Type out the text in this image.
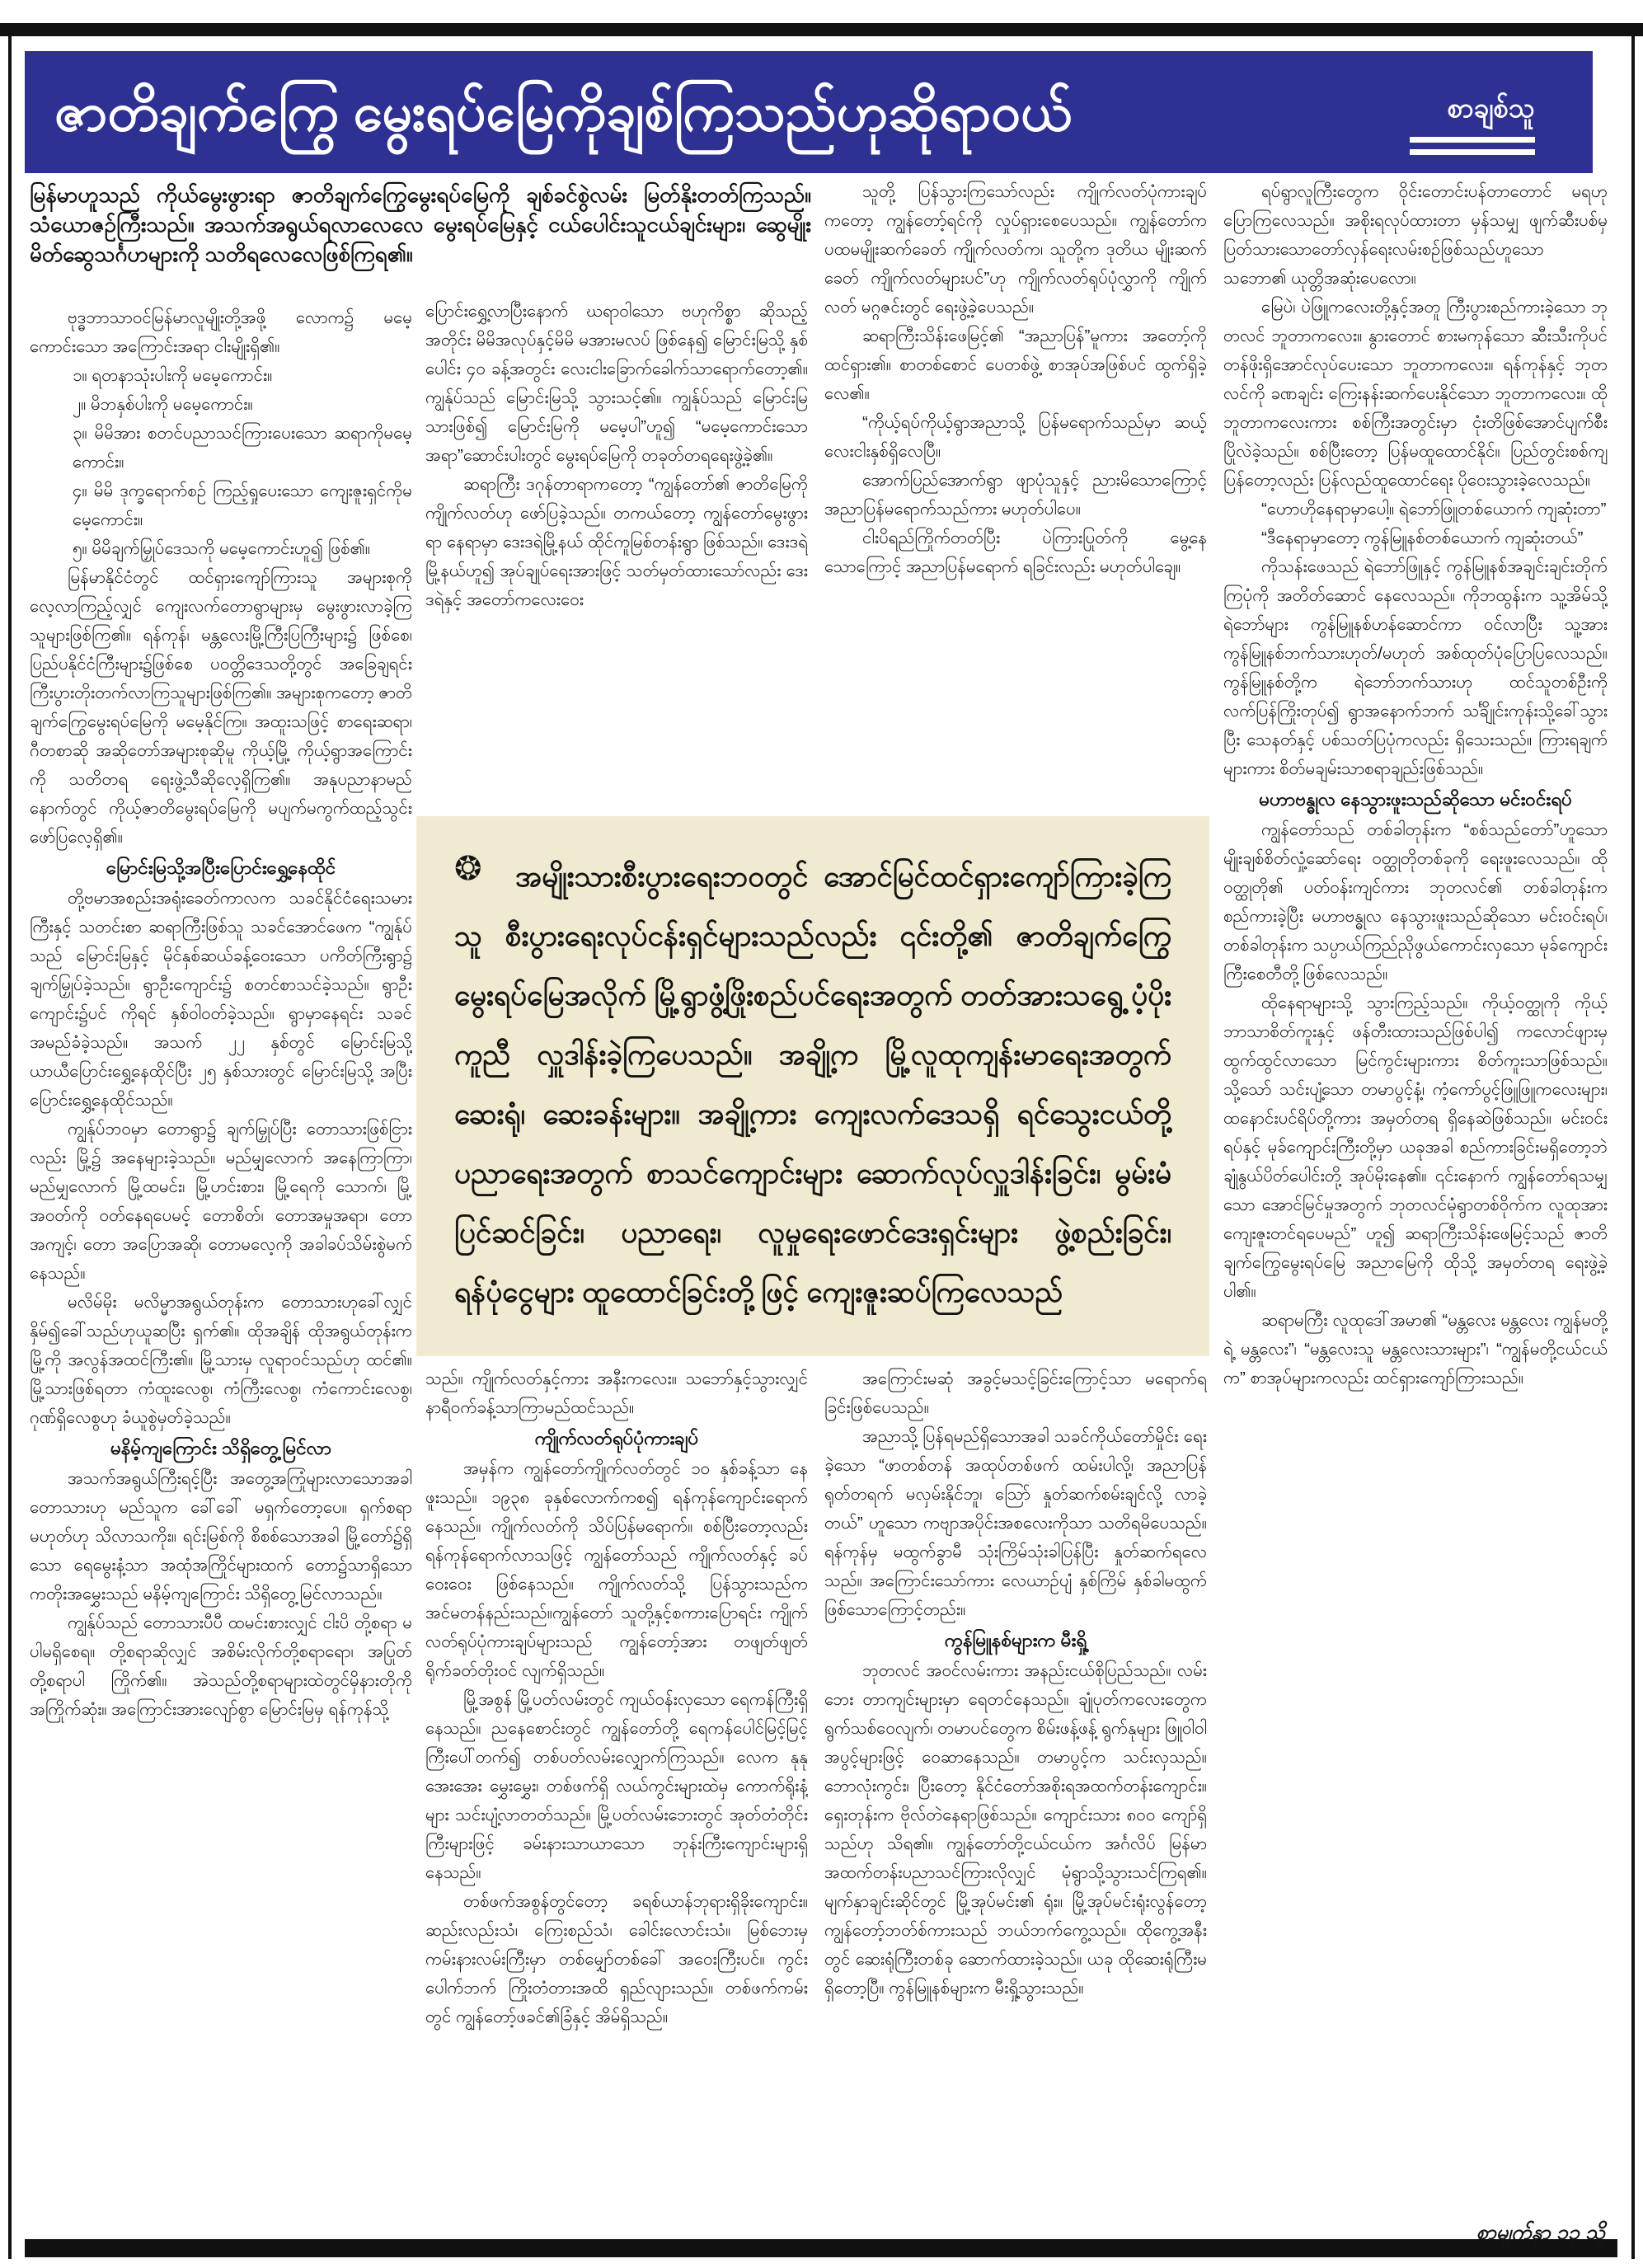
ဇာတိချက်ကြွေ မွေးရပ်မြေကိုချစ်ကြသည်ဟုဆိုရာဝယ်	စာချစ်သူ
မြန်မာဟူသည် ကိုယ်မွေးဖွားရာ ဇာတိချက်ကြွေမွေးရပ်မြေကို ချစ်ခင်စွဲလမ်း မြတ်နိုးတတ်ကြသည်။ သံယောဇဉ်ကြီးသည်။ အသက်အရွယ်ရလာလေလေ မွေးရပ်မြေနှင့် ငယ်ပေါင်းသူငယ်ချင်းများ၊ ဆွေမျိုး မိတ်ဆွေသင်္ဂဟများကို သတိရလေလေဖြစ်ကြရ၏။
ဗုဒ္ဓဘာသာဝင်မြန်မာလူမျိုးတို့အဖို့ လောက၌ မမေ့ကောင်းသော အကြောင်းအရာ ငါးမျိုးရှိ၏။
၁။ ရတနာသုံးပါးကို မမေ့ကောင်း။
၂။ မိဘနှစ်ပါးကို မမေ့ကောင်း။
၃။ မိမိအား စတင်ပညာသင်ကြားပေးသော ဆရာကိုမမေ့ကောင်း။
၄။ မိမိ ဒုက္ခရောက်စဉ် ကြည့်ရှုပေးသော ကျေးဇူးရှင်ကိုမမေ့ကောင်း။
၅။ မိမိချက်မြှုပ်ဒေသကို မမေ့ကောင်းဟူ၍ ဖြစ်၏။
မြန်မာနိုင်ငံတွင် ထင်ရှားကျော်ကြားသူ အများစုကို လေ့လာကြည့်လျှင် ကျေးလက်တောရွာများမှ မွေးဖွားလာခဲ့ကြသူများဖြစ်ကြ၏။ ရန်ကုန်၊ မန္တလေးမြို့ကြီးပြကြီးများ၌ ဖြစ်စေ၊ ပြည်ပနိုင်ငံကြီးများ၌ဖြစ်စေ ပဝတ္တိဒေသတို့တွင် အခြေချရင်း ကြီးပွားတိုးတက်လာကြသူများဖြစ်ကြ၏။ အများစုကတော့ ဇာတိချက်ကြွေမွေးရပ်မြေကို မမေ့နိုင်ကြ။ အထူးသဖြင့် စာရေးဆရာ၊ ဂီတစာဆို အဆိုတော်အများစုဆိုမူ ကိုယ့်မြို့ ကိုယ့်ရွာအကြောင်းကို သတိတရ ရေးဖွဲ့သီဆိုလေ့ရှိကြ၏။ အနုပညာနာမည်နောက်တွင် ကိုယ့်ဇာတိမွေးရပ်မြေကို မပျက်မကွက်ထည့်သွင်းဖော်ပြလေ့ရှိ၏။
မြောင်းမြသို့အပြီးပြောင်းရွှေ့နေထိုင်
တို့ဗမာအစည်းအရုံးခေတ်ကာလက သခင်နိုင်ငံရေးသမားကြီးနှင့် သတင်းစာ ဆရာကြီးဖြစ်သူ သခင်အောင်ဖေက “ကျွန်ုပ်သည် မြောင်းမြနှင့် မိုင်နှစ်ဆယ်ခန့်ဝေးသော ပကိတ်ကြီးရွာ၌ ချက်မြှုပ်ခဲ့သည်။ ရွာဦးကျောင်း၌ စတင်စာသင်ခဲ့သည်။ ရွာဦးကျောင်း၌ပင် ကိုရင် နှစ်ဝါဝတ်ခဲ့သည်။ ရွာမှာနေရင်း သခင်အမည်ခံခဲ့သည်။ အသက် ၂၂ နှစ်တွင် မြောင်းမြသို့ ယာယီပြောင်းရွှေ့နေထိုင်ပြီး ၂၅ နှစ်သားတွင် မြောင်းမြသို့ အပြီးပြောင်းရွှေ့နေထိုင်သည်။
ကျွန်ုပ်ဘဝမှာ တောရွာ၌ ချက်မြှုပ်ပြီး တောသားဖြစ်ငြားလည်း မြို့၌ အနေများခဲ့သည်။ မည်မျှလောက် အနေကြာကြာ၊ မည်မျှလောက် မြို့ထမင်း၊ မြို့ဟင်းစား၊ မြို့ရေကို သောက်၊ မြို့အဝတ်ကို ဝတ်နေရပေမင့် တောစိတ်၊ တောအမှုအရာ၊ တောအကျင့်၊ တော အပြောအဆို၊ တောမလေ့ကို အခါခပ်သိမ်းစွဲမက်နေသည်။
မလိမ်မိုး မလိမ္မာအရွယ်တုန်းက တောသားဟုခေါ်လျှင် နှိမ်၍ခေါ်သည်ဟုယူဆပြီး ရှက်၏။ ထိုအချိန် ထိုအရွယ်တုန်းက မြို့ကို အလွန်အထင်ကြီး၏။ မြို့သားမှ လူရာဝင်သည်ဟု ထင်၏။ မြို့သားဖြစ်ရတာ ကံထူးလေစွ၊ ကံကြီးလေစွ၊ ကံကောင်းလေစွ၊ ဂုဏ်ရှိလေစွဟု ခံယူစွဲမှတ်ခဲ့သည်။
မနိမ့်ကျကြောင်း သိရှိတွေ့မြင်လာ
အသက်အရွယ်ကြီးရင့်ပြီး အတွေ့အကြုံများလာသောအခါ တောသားဟု မည်သူက ခေါ်ခေါ် မရှက်တော့ပေ။ ရှက်စရာမဟုတ်ဟု သိလာသကိုး။ ရင်းမြစ်ကို စိစစ်သောအခါ မြို့တော်၌ရှိသော ရေမွေးနံ့သာ အထုံအကြိုင်များထက် တော၌သာရှိသော ကတိုးအမွှေးသည် မနိမ့်ကျကြောင်း သိရှိတွေ့မြင်လာသည်။
ကျွန်ုပ်သည် တောသားပီပီ ထမင်းစားလျှင် ငါးပိ တို့စရာ မပါမရှိစေရ။ တို့စရာဆိုလျှင် အစိမ်းလိုက်တို့စရာရော၊ အပြုတ်တို့စရာပါ ကြိုက်၏။ အဲသည်တို့စရာများထဲတွင်မှိနားတိုကို အကြိုက်ဆုံး။ အကြောင်းအားလျော်စွာ မြောင်းမြမှ ရန်ကုန်သို့
ပြောင်းရွှေ့လာပြီးနောက် ဃရာဝါသော ဗဟုကိစ္စာ ဆိုသည့်အတိုင်း မိမိအလုပ်နှင့်မိမိ မအားမလပ် ဖြစ်နေ၍ မြောင်းမြသို့ နှစ်ပေါင်း ၄၀ ခန့်အတွင်း လေးငါးခြောက်ခေါက်သာရောက်တော့၏။ ကျွန်ုပ်သည် မြောင်းမြသို့ သွားသင့်၏။ ကျွန်ုပ်သည် မြောင်းမြသားဖြစ်၍ မြောင်းမြကို မမေ့ပါ”ဟူ၍ “မမေ့ကောင်းသောအရာ”ဆောင်းပါးတွင် မွေးရပ်မြေကို တခုတ်တရရေးဖွဲ့ခဲ့၏။
ဆရာကြီး ဒဂုန်တာရာကတော့ “ကျွန်တော်၏ ဇာတိမြေကို ကျိုက်လတ်ဟု ဖော်ပြခဲ့သည်။ တကယ်တော့ ကျွန်တော်မွေးဖွားရာ နေရာမှာ ဒေးဒရဲမြို့နယ် ထိုင်ကူမြစ်တန်းရွာ ဖြစ်သည်။ ဒေးဒရဲမြို့နယ်ဟူ၍ အုပ်ချုပ်ရေးအားဖြင့် သတ်မှတ်ထားသော်လည်း ဒေးဒရဲနှင့် အတော်ကလေးဝေး
❂ အမျိုးသားစီးပွားရေးဘဝတွင် အောင်မြင်ထင်ရှားကျော်ကြားခဲ့ကြသူ စီးပွားရေးလုပ်ငန်းရှင်များသည်လည်း ၎င်းတို့၏ ဇာတိချက်ကြွေမွေးရပ်မြေအလိုက် မြို့ရွာဖွံ့ဖြိုးစည်ပင်ရေးအတွက် တတ်အားသရွေ့ ပံ့ပိုးကူညီ လှူဒါန်းခဲ့ကြပေသည်။ အချို့က မြို့လူထုကျန်းမာရေးအတွက် ဆေးရုံ၊ ဆေးခန်းများ။ အချို့ကား ကျေးလက်ဒေသရှိ ရင်သွေးငယ်တို့ ပညာရေးအတွက် စာသင်ကျောင်းများ ဆောက်လုပ်လှူဒါန်းခြင်း၊ မွမ်းမံပြင်ဆင်ခြင်း၊ ပညာရေး၊ လူမှုရေးဖောင်ဒေးရှင်းများ ဖွဲ့စည်းခြင်း၊ ရန်ပုံငွေများ ထူထောင်ခြင်းတို့ဖြင့် ကျေးဇူးဆပ်ကြလေသည်
သည်။ ကျိုက်လတ်နှင့်ကား အနီးကလေး။ သဘော်နှင့်သွားလျှင် နာရီဝက်ခန့်သာကြာမည်ထင်သည်။
ကျိုက်လတ်ရုပ်ပုံကားချပ်
အမှန်က ကျွန်တော်ကျိုက်လတ်တွင် ၁၀ နှစ်ခန့်သာ နေဖူးသည်။ ၁၉၃၈ ခုနှစ်လောက်ကစ၍ ရန်ကုန်ကျောင်းရောက်နေသည်။ ကျိုက်လတ်ကို သိပ်ပြန်မရောက်။ စစ်ပြီးတော့လည်း ရန်ကုန်ရောက်လာသဖြင့် ကျွန်တော်သည် ကျိုက်လတ်နှင့် ခပ်ဝေးဝေး ဖြစ်နေသည်။ ကျိုက်လတ်သို့ ပြန်သွားသည်က အင်မတန်နည်းသည်။ကျွန်တော် သူတို့နှင့်စကားပြောရင်း ကျိုက်လတ်ရုပ်ပုံကားချပ်များသည် ကျွန်တော့်အား တဖျတ်ဖျတ်ရိုက်ခတ်တိုးဝင် လျက်ရှိသည်။
မြို့အစွန် မြို့ပတ်လမ်းတွင် ကျယ်ဝန်းလှသော ရေကန်ကြီးရှိနေသည်။ ညနေစောင်းတွင် ကျွန်တော်တို့ ရေကန်ပေါင်မြင့်မြင့်ကြီးပေါ်တက်၍ တစ်ပတ်လမ်းလျှောက်ကြသည်။ လေက နုနုအေးအေး မွှေးမွှေး၊ တစ်ဖက်ရှိ လယ်ကွင်းများထဲမှ ကောက်ရိုးနံ့များ သင်းပျံ့လာတတ်သည်။ မြို့ပတ်လမ်းဘေးတွင် အုတ်တံတိုင်းကြီးများဖြင့် ခမ်းနားသာယာသော ဘုန်းကြီးကျောင်းများရှိနေသည်။
တစ်ဖက်အစွန်တွင်တော့ ခရစ်ယာန်ဘုရားရှိခိုးကျောင်း။ ဆည်းလည်းသံ၊ ကြေးစည်သံ၊ ခေါင်းလောင်းသံ။ မြစ်ဘေးမှ ကမ်းနားလမ်းကြီးမှာ တစ်မျှော်တစ်ခေါ် အဝေးကြီးပင်။ ကွင်းပေါက်ဘက် ကြိုးတံတားအထိ ရှည်လျားသည်။ တစ်ဖက်ကမ်းတွင် ကျွန်တော့်ဖခင်၏ခြံနှင့် အိမ်ရှိသည်။
သူတို့ ပြန်သွားကြသော်လည်း ကျိုက်လတ်ပုံကားချပ်ကတော့ ကျွန်တော့်ရင်ကို လှုပ်ရှားစေပေသည်။ ကျွန်တော်က ပထမမျိုးဆက်ခေတ် ကျိုက်လတ်က၊ သူတို့က ဒုတိယ မျိုးဆက်ခေတ် ကျိုက်လတ်များပင်”ဟု ကျိုက်လတ်ရုပ်ပုံလွှာကို ကျိုက်လတ် မဂ္ဂဇင်းတွင် ရေးဖွဲ့ခဲ့ပေသည်။
ဆရာကြီးသိန်းဖေမြင့်၏ “အညာပြန်”မူကား အတော့်ကို ထင်ရှား၏။ စာတစ်စောင် ပေတစ်ဖွဲ့ စာအုပ်အဖြစ်ပင် ထွက်ရှိခဲ့လေ၏။
“ကိုယ့်ရပ်ကိုယ့်ရွာအညာသို့ ပြန်မရောက်သည်မှာ ဆယ့်လေးငါးနှစ်ရှိလေပြီ။
အောက်ပြည်အောက်ရွာ ဖျာပုံသူနှင့် ညားမိသောကြောင့် အညာပြန်မရောက်သည်ကား မဟုတ်ပါပေ။
ငါးပိရည်ကြိုက်တတ်ပြီး ပဲကြားပြုတ်ကို မွေ့နေသောကြောင့် အညာပြန်မရောက် ရခြင်းလည်း မဟုတ်ပါချေ။
အကြောင်းမဆုံ အခွင့်မသင့်ခြင်းကြောင့်သာ မရောက်ရခြင်းဖြစ်ပေသည်။
အညာသို့ ပြန်ရမည်ရှိသောအခါ သခင်ကိုယ်တော်မှိုင်း ရေးခဲ့သော “ဖာတစ်တန် အထုပ်တစ်ဖက် ထမ်းပါလို့၊ အညာပြန် ရုတ်တရက် မလှမ်းနိုင်ဘူ၊ သြော် နှုတ်ဆက်စမ်းချင်လို့ လာခဲ့တယ်” ဟူသော ကဗျာအပိုင်းအစလေးကိုသာ သတိရမိပေသည်။ ရန်ကုန်မှ မထွက်ခွာမီ သုံးကြိမ်သုံးခါပြန်ပြီး နှုတ်ဆက်ရလေသည်။ အကြောင်းသော်ကား လေယာဉ်ပျံ နှစ်ကြိမ် နှစ်ခါမထွက်ဖြစ်သောကြောင့်တည်း။
ကွန်မြူနစ်များက မီးရှို့
ဘုတလင် အဝင်လမ်းကား အနည်းငယ်စိုပြည်သည်။ လမ်းဘေး တာကျင်းများမှာ ရေတင်နေသည်။ ချုံပုတ်ကလေးတွေက ရွက်သစ်ဝေလျက်၊ တမာပင်တွေက စိမ်းဖန့်ဖန့် ရွက်နုများ ဖြူဝါဝါအပွင့်များဖြင့် ဝေဆာနေသည်။ တမာပွင့်က သင်းလှသည်။ ဘောလုံးကွင်း၊ ပြီးတော့ နိုင်ငံတော်အစိုးရအထက်တန်းကျောင်း။ ရှေးတုန်းက ဗိုလ်တဲနေရာဖြစ်သည်။ ကျောင်းသား ၈၀၀ ကျော်ရှိသည်ဟု သိရ၏။ ကျွန်တော်တို့ငယ်ငယ်က အင်္ဂလိပ် မြန်မာအထက်တန်းပညာသင်ကြားလိုလျှင် မုံရွာသို့သွားသင်ကြရ၏။ မျက်နှာချင်းဆိုင်တွင် မြို့အုပ်မင်း၏ ရုံး။ မြို့အုပ်မင်းရုံးလွန်တော့ ကျွန်တော့်ဘတ်စ်ကားသည် ဘယ်ဘက်ကွေ့သည်။ ထိုကွေ့အနီးတွင် ဆေးရုံကြီးတစ်ခု ဆောက်ထားခဲ့သည်။ ယခု ထိုဆေးရုံကြီးမရှိတော့ပြီ။ ကွန်မြူနစ်များက မီးရှို့သွားသည်။
ရပ်ရွာလူကြီးတွေက ဝိုင်းတောင်းပန်တာတောင် မရဟု ပြောကြလေသည်။ အစိုးရလုပ်ထားတာ မှန်သမျှ ဖျက်ဆီးပစ်မှ ပြတ်သားသောတော်လှန်ရေးလမ်းစဉ်ဖြစ်သည်ဟူသော သဘော၏ ယုတ္တိအဆုံးပေလော။
မြေပဲ၊ ပဲဖြူကလေးတို့နှင့်အတူ ကြီးပွားစည်ကားခဲ့သော ဘုတလင် ဘူတာကလေး။ နွားတောင် စားမကုန်သော ဆီးသီးကိုပင် တန်ဖိုးရှိအောင်လုပ်ပေးသော ဘူတာကလေး။ ရန်ကုန်နှင့် ဘုတလင်ကို ခဏချင်း ကြေးနန်းဆက်ပေးနိုင်သော ဘူတာကလေး။ ထိုဘူတာကလေးကား စစ်ကြီးအတွင်းမှာ ငုံးတိဖြစ်အောင်ပျက်စီးပြိုလဲခဲ့သည်။ စစ်ပြီးတော့ ပြန်မထူထောင်နိုင်။ ပြည်တွင်းစစ်ကျပြန်တော့လည်း ပြန်လည်ထူထောင်ရေး ပိုဝေးသွားခဲ့လေသည်။
“ဟောဟိုနေရာမှာပေါ့။ ရဲဘော်ဖြူတစ်ယောက် ကျဆုံးတာ”
“ဒီနေရာမှာတော့ ကွန်မြူနစ်တစ်ယောက် ကျဆုံးတယ်”
ကိုသန်းဖေသည် ရဲဘော်ဖြူနှင့် ကွန်မြူနစ်အချင်းချင်းတိုက်ကြပုံကို အတိတ်ဆောင် နေလေသည်။ ကိုဘထွန်းက သူ့အိမ်သို့ ရဲဘော်များ ကွန်မြူနစ်ဟန်ဆောင်ကာ ဝင်လာပြီး သူ့အား ကွန်မြူနစ်ဘက်သားဟုတ်/မဟုတ် အစ်ထုတ်ပုံပြောပြလေသည်။ ကွန်မြူနစ်တို့က ရဲဘော်ဘက်သားဟု ထင်သူတစ်ဦးကို လက်ပြန်ကြိုးတုပ်၍ ရွာအနောက်ဘက် သင်္ချိုင်းကုန်းသို့ခေါ်သွားပြီး သေနတ်နှင့် ပစ်သတ်ပြပုံကလည်း ရှိသေးသည်။ ကြားရချက်များကား စိတ်မချမ်းသာစရာချည်းဖြစ်သည်။
မဟာဗန္ဓုလ နေသွားဖူးသည်ဆိုသော မင်းဝင်းရပ်
ကျွန်တော်သည် တစ်ခါတုန်းက “စစ်သည်တော်”ဟူသော မျိုးချစ်စိတ်လှုံ့ဆော်ရေး ဝတ္ထုတိုတစ်ခုကို ရေးဖူးလေသည်။ ထိုဝတ္ထုတို၏ ပတ်ဝန်းကျင်ကား ဘုတလင်၏ တစ်ခါတုန်းက စည်ကားခဲ့ပြီး မဟာဗန္ဓုလ နေသွားဖူးသည်ဆိုသော မင်းဝင်းရပ်၊ တစ်ခါတုန်းက သပ္ပာယ်ကြည်ညိုဖွယ်ကောင်းလှသော မုခ်ကျောင်းကြီးစေတီတို့ဖြစ်လေသည်။
ထိုနေရာများသို့ သွားကြည့်သည်။ ကိုယ့်ဝတ္ထုကို ကိုယ့်ဘာသာစိတ်ကူးနှင့် ဖန်တီးထားသည်ဖြစ်ပါ၍ ကလောင်ဖျားမှ ထွက်ထွင်လာသော မြင်ကွင်းများကား စိတ်ကူးသာဖြစ်သည်။ သို့သော် သင်းပျံ့သော တမာပွင့်နံ့၊ ကံ့ကော်ပွင့်ဖြူဖြူကလေးများ၊ ထနောင်းပင်ရိပ်တို့ကား အမှတ်တရ ရှိနေဆဲဖြစ်သည်။ မင်းဝင်းရပ်နှင့် မုခ်ကျောင်းကြီးတို့မှာ ယခုအခါ စည်ကားခြင်းမရှိတော့ဘဲ ချုံနွယ်ပိတ်ပေါင်းတို့ အုပ်မိုးနေ၏။ ၎င်းနောက် ကျွန်တော်ရသမျှသော အောင်မြင်မှုအတွက် ဘုတလင်မုံရွာတစ်ဝိုက်က လူထုအား ကျေးဇူးတင်ရပေမည်” ဟူ၍ ဆရာကြီးသိန်းဖေမြင့်သည် ဇာတိချက်ကြွေမွေးရပ်မြေ အညာမြေကို ထိုသို့ အမှတ်တရ ရေးဖွဲ့ခဲ့ပါ၏။
ဆရာမကြီး လူထုဒေါ်အမာ၏ “မန္တလေး မန္တလေး ကျွန်မတို့ရဲ့ မန္တလေး”၊ “မန္တလေးသူ မန္တလေးသားများ”၊ “ကျွန်မတို့ငယ်ငယ်က” စာအုပ်များကလည်း ထင်ရှားကျော်ကြားသည်။
စာမျက်နှာ ၁၃ သို့
